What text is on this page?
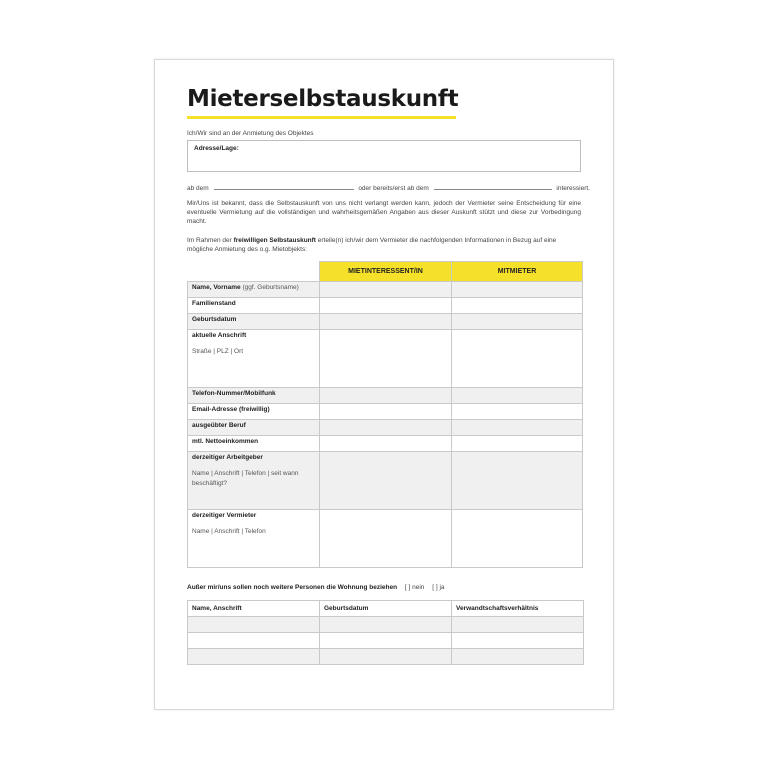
Mieterselbstauskunft
Ich/Wir sind an der Anmietung des Objektes
Adresse/Lage:
ab dem	oder bereits/erst ab dem	interessiert.
Mir/Uns ist bekannt, dass die Selbstauskunft von uns nicht verlangt werden kann, jedoch der Vermieter seine Entscheidung für eine eventuelle Vermietung auf die vollständigen und wahrheitsgemäßen Angaben aus dieser Auskunft stützt und diese zur Vorbedingung macht.
Im Rahmen der freiwilligen Selbstauskunft erteile(n) ich/wir dem Vermieter die nachfolgenden Informationen in Bezug auf eine mögliche Anmietung des o.g. Mietobjekts:
	MIETINTERESSENT/IN	MITMIETER
Name, Vorname (ggf. Geburtsname)		
Familienstand		
Geburtsdatum		
aktuelle Anschrift
Straße | PLZ | Ort		

Telefon-Nummer/Mobilfunk		
Email-Adresse (freiwillig)		
ausgeübter Beruf		
mtl. Nettoeinkommen		
derzeitiger Arbeitgeber
Name | Anschrift | Telefon | seit wann beschäftigt?		

derzeitiger Vermieter
Name | Anschrift | Telefon		

Außer mir/uns sollen noch weitere Personen die Wohnung beziehen [ ] nein [ ] ja
Name, Anschrift	Geburtsdatum	Verwandtschaftsverhältnis
